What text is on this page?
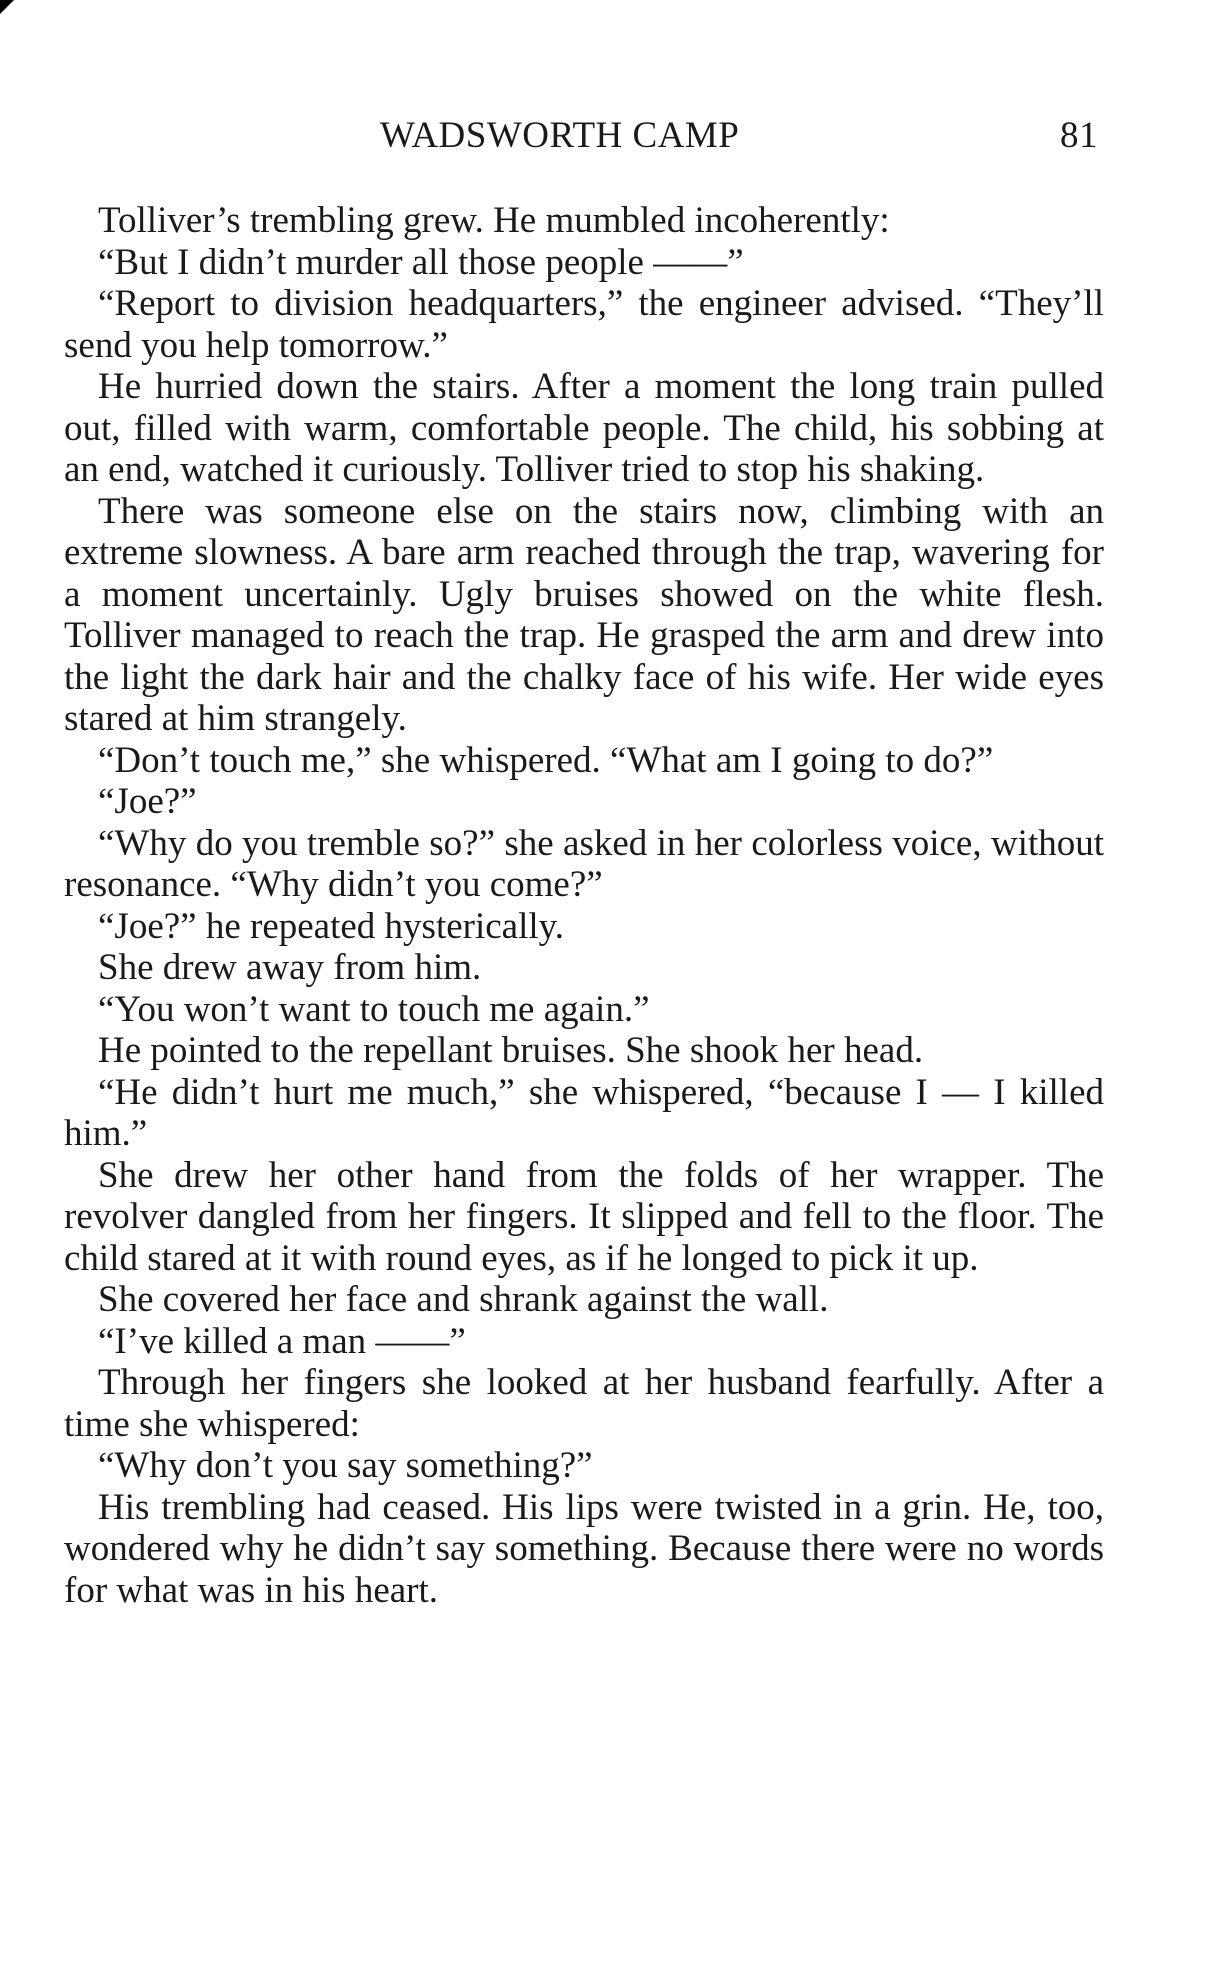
WADSWORTH CAMP	81

Tolliver’s trembling grew. He mumbled incoherently:

“But I didn’t murder all those people ——”

“Report to division headquarters,” the engineer advised. “They’ll send you help tomorrow.”

He hurried down the stairs. After a moment the long train pulled out, filled with warm, comfortable people. The child, his sobbing at an end, watched it curiously. Tolliver tried to stop his shaking.

There was someone else on the stairs now, climbing with an extreme slowness. A bare arm reached through the trap, wavering for a moment uncertainly. Ugly bruises showed on the white flesh. Tolliver managed to reach the trap. He grasped the arm and drew into the light the dark hair and the chalky face of his wife. Her wide eyes stared at him strangely.

“Don’t touch me,” she whispered. “What am I going to do?”

“Joe?”

“Why do you tremble so?” she asked in her colorless voice, without resonance. “Why didn’t you come?”

“Joe?” he repeated hysterically.

She drew away from him.

“You won’t want to touch me again.”

He pointed to the repellant bruises. She shook her head.

“He didn’t hurt me much,” she whispered, “because I — I killed him.”

She drew her other hand from the folds of her wrapper. The revolver dangled from her fingers. It slipped and fell to the floor. The child stared at it with round eyes, as if he longed to pick it up.

She covered her face and shrank against the wall.

“I’ve killed a man ——”

Through her fingers she looked at her husband fearfully. After a time she whispered:

“Why don’t you say something?”

His trembling had ceased. His lips were twisted in a grin. He, too, wondered why he didn’t say something. Because there were no words for what was in his heart.
